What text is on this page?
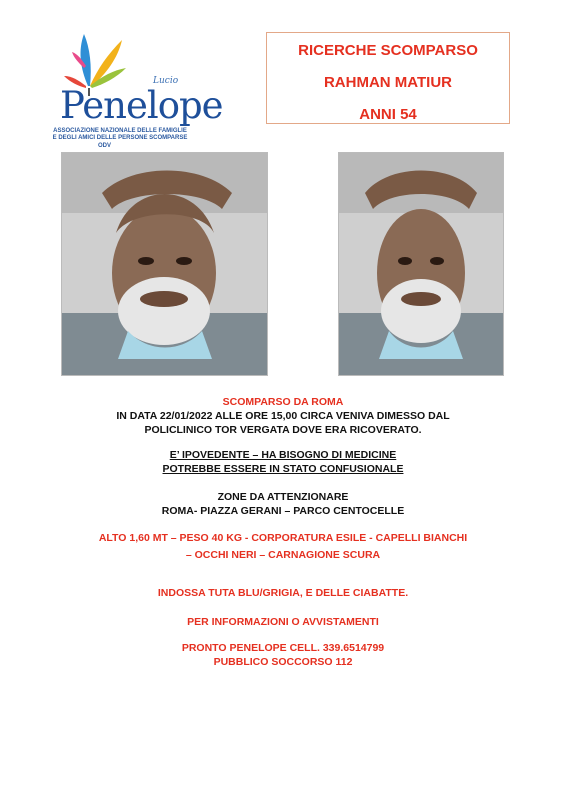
Lucio
Penelope
ASSOCIAZIONE NAZIONALE DELLE FAMIGLIE
E DEGLI AMICI DELLE PERSONE SCOMPARSE
ODV
RICERCHE SCOMPARSO
RAHMAN MATIUR
ANNI 54
SCOMPARSO DA ROMA
IN DATA 22/01/2022 ALLE ORE 15,00 CIRCA VENIVA DIMESSO DAL
POLICLINICO TOR VERGATA DOVE ERA RICOVERATO.
E’ IPOVEDENTE – HA BISOGNO DI MEDICINE
POTREBBE ESSERE IN STATO CONFUSIONALE
ZONE DA ATTENZIONARE
ROMA- PIAZZA GERANI – PARCO CENTOCELLE
ALTO 1,60 MT – PESO 40 KG - CORPORATURA ESILE - CAPELLI BIANCHI
– OCCHI NERI – CARNAGIONE SCURA
INDOSSA TUTA BLU/GRIGIA, E DELLE CIABATTE.
PER INFORMAZIONI O AVVISTAMENTI
PRONTO PENELOPE CELL. 339.6514799
PUBBLICO SOCCORSO 112
